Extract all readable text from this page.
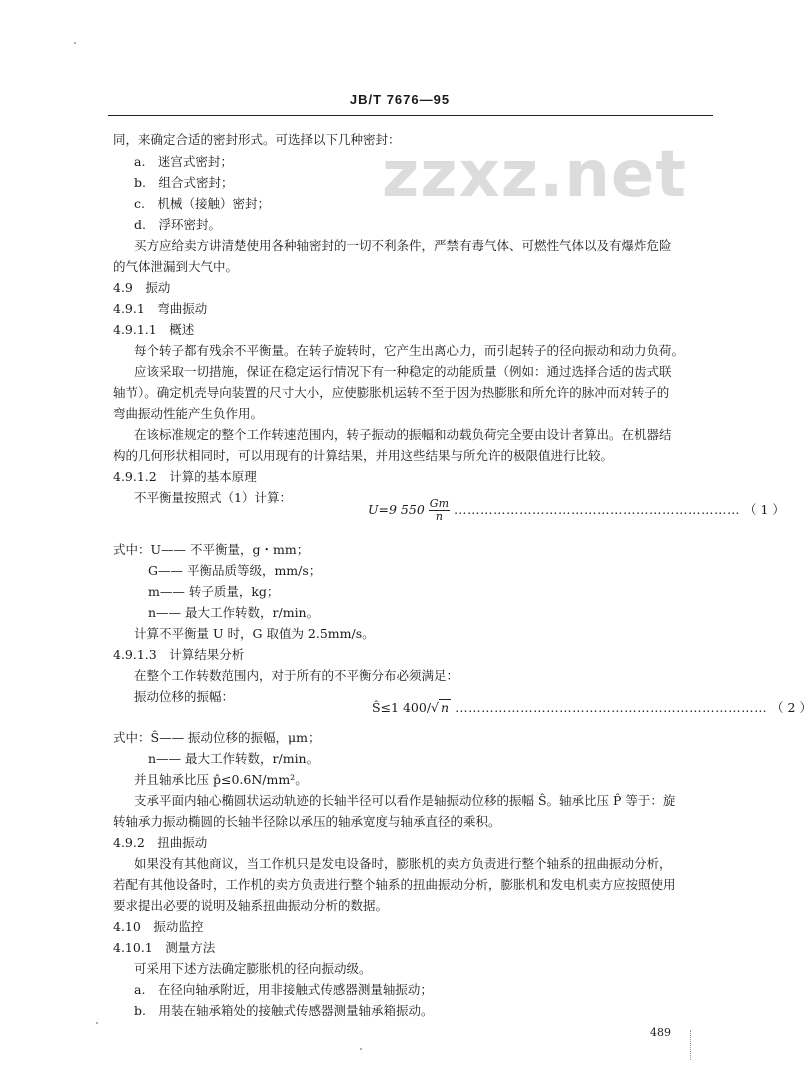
JB/T 7676—95
zzxz.net
同，来确定合适的密封形式。可选择以下几种密封：
a.　迷宫式密封；
b.　组合式密封；
c.　机械（接触）密封；
d.　浮环密封。
买方应给卖方讲清楚使用各种轴密封的一切不利条件，严禁有毒气体、可燃性气体以及有爆炸危险
的气体泄漏到大气中。
4.9　振动
4.9.1　弯曲振动
4.9.1.1　概述
每个转子都有残余不平衡量。在转子旋转时，它产生出离心力，而引起转子的径向振动和动力负荷。
应该采取一切措施，保证在稳定运行情况下有一种稳定的动能质量（例如：通过选择合适的齿式联
轴节）。确定机壳导向装置的尺寸大小，应使膨胀机运转不至于因为热膨胀和所允许的脉冲而对转子的
弯曲振动性能产生负作用。
在该标准规定的整个工作转速范围内，转子振动的振幅和动载负荷完全要由设计者算出。在机器结
构的几何形状相同时，可以用现有的计算结果，并用这些结果与所允许的极限值进行比较。
4.9.1.2　计算的基本原理
不平衡量按照式（1）计算：
式中：U—— 不平衡量，g・mm；
G—— 平衡品质等级，mm/s；
m—— 转子质量，kg；
n—— 最大工作转数，r/min。
计算不平衡量 U 时，G 取值为 2.5mm/s。
4.9.1.3　计算结果分析
在整个工作转数范围内，对于所有的不平衡分布必须满足：
振动位移的振幅：
式中：Ŝ—— 振动位移的振幅，μm；
n—— 最大工作转数，r/min。
并且轴承比压 p̂≤0.6N/mm²。
支承平面内轴心椭圆状运动轨迹的长轴半径可以看作是轴振动位移的振幅 Ŝ。轴承比压 P̂ 等于：旋
转轴承力振动椭圆的长轴半径除以承压的轴承宽度与轴承直径的乘积。
4.9.2　扭曲振动
如果没有其他商议，当工作机只是发电设备时，膨胀机的卖方负责进行整个轴系的扭曲振动分析，
若配有其他设备时，工作机的卖方负责进行整个轴系的扭曲振动分析，膨胀机和发电机卖方应按照使用
要求提出必要的说明及轴系扭曲振动分析的数据。
4.10　振动监控
4.10.1　测量方法
可采用下述方法确定膨胀机的径向振动级。
a.　在径向轴承附近，用非接触式传感器测量轴振动；
b.　用装在轴承箱处的接触式传感器测量轴承箱振动。
U=9 $550 \frac{Gm}{n}$ ………………………………………………………… （ 1 ）
Ŝ≤1 400/√ n ……………………………………………………………… （ 2 ）
489
